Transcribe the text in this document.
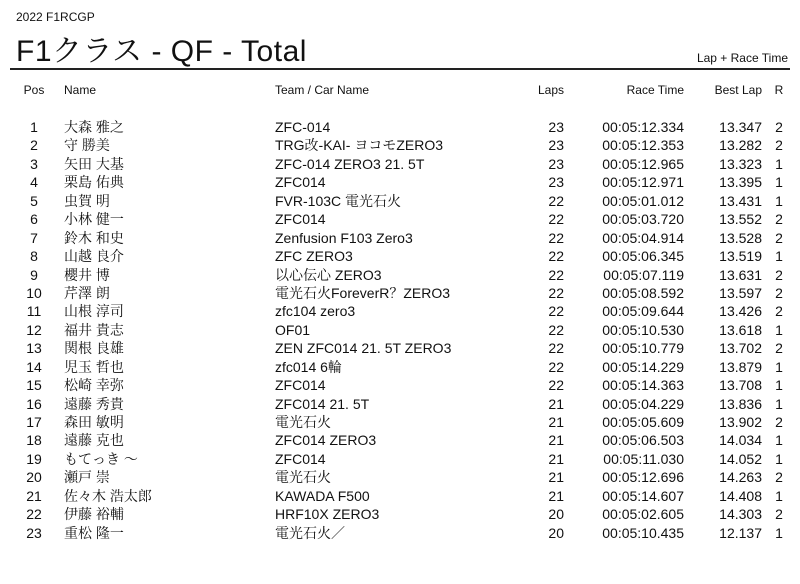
2022 F1RCGP
F1クラス - QF - Total	Lap + Race Time
Pos	Name	Team / Car Name	Laps	Race Time	Best Lap R
1	大森 雅之	ZFC-014	23	00:05:12.334	13.347 2
2	守 勝美	TRG改-KAI- ヨコモZERO3	23	00:05:12.353	13.282 2
3	矢田 大基	ZFC-014 ZERO3 21. 5T	23	00:05:12.965	13.323 1
4	栗島 佑典	ZFC014	23	00:05:12.971	13.395 1
5	虫賀 明	FVR-103C 電光石火	22	00:05:01.012	13.431 1
6	小林 健一	ZFC014	22	00:05:03.720	13.552 2
7	鈴木 和史	Zenfusion F103 Zero3	22	00:05:04.914	13.528 2
8	山越 良介	ZFC ZERO3	22	00:05:06.345	13.519 1
9	櫻井 博	以心伝心 ZERO3	22	00:05:07.119	13.631 2
10	芹澤 朗	電光石火ForeverR？ZERO3	22	00:05:08.592	13.597 2
11	山根 淳司	zfc104 zero3	22	00:05:09.644	13.426 2
12	福井 貴志	OF01	22	00:05:10.530	13.618 1
13	関根 良雄	ZEN ZFC014 21. 5T ZERO3	22	00:05:10.779	13.702 2
14	児玉 哲也	zfc014 6輪	22	00:05:14.229	13.879 1
15	松崎 幸弥	ZFC014	22	00:05:14.363	13.708 1
16	遠藤 秀貴	ZFC014 21. 5T	21	00:05:04.229	13.836 1
17	森田 敏明	電光石火	21	00:05:05.609	13.902 2
18	遠藤 克也	ZFC014 ZERO3	21	00:05:06.503	14.034 1
19	もてっき ～	ZFC014	21	00:05:11.030	14.052 1
20	瀬戸 崇	電光石火	21	00:05:12.696	14.263 2
21	佐々木 浩太郎	KAWADA F500	21	00:05:14.607	14.408 1
22	伊藤 裕輔	HRF10X ZERO3	20	00:05:02.605	14.303 2
23	重松 隆一	電光石火／	20	00:05:10.435	12.137 1
